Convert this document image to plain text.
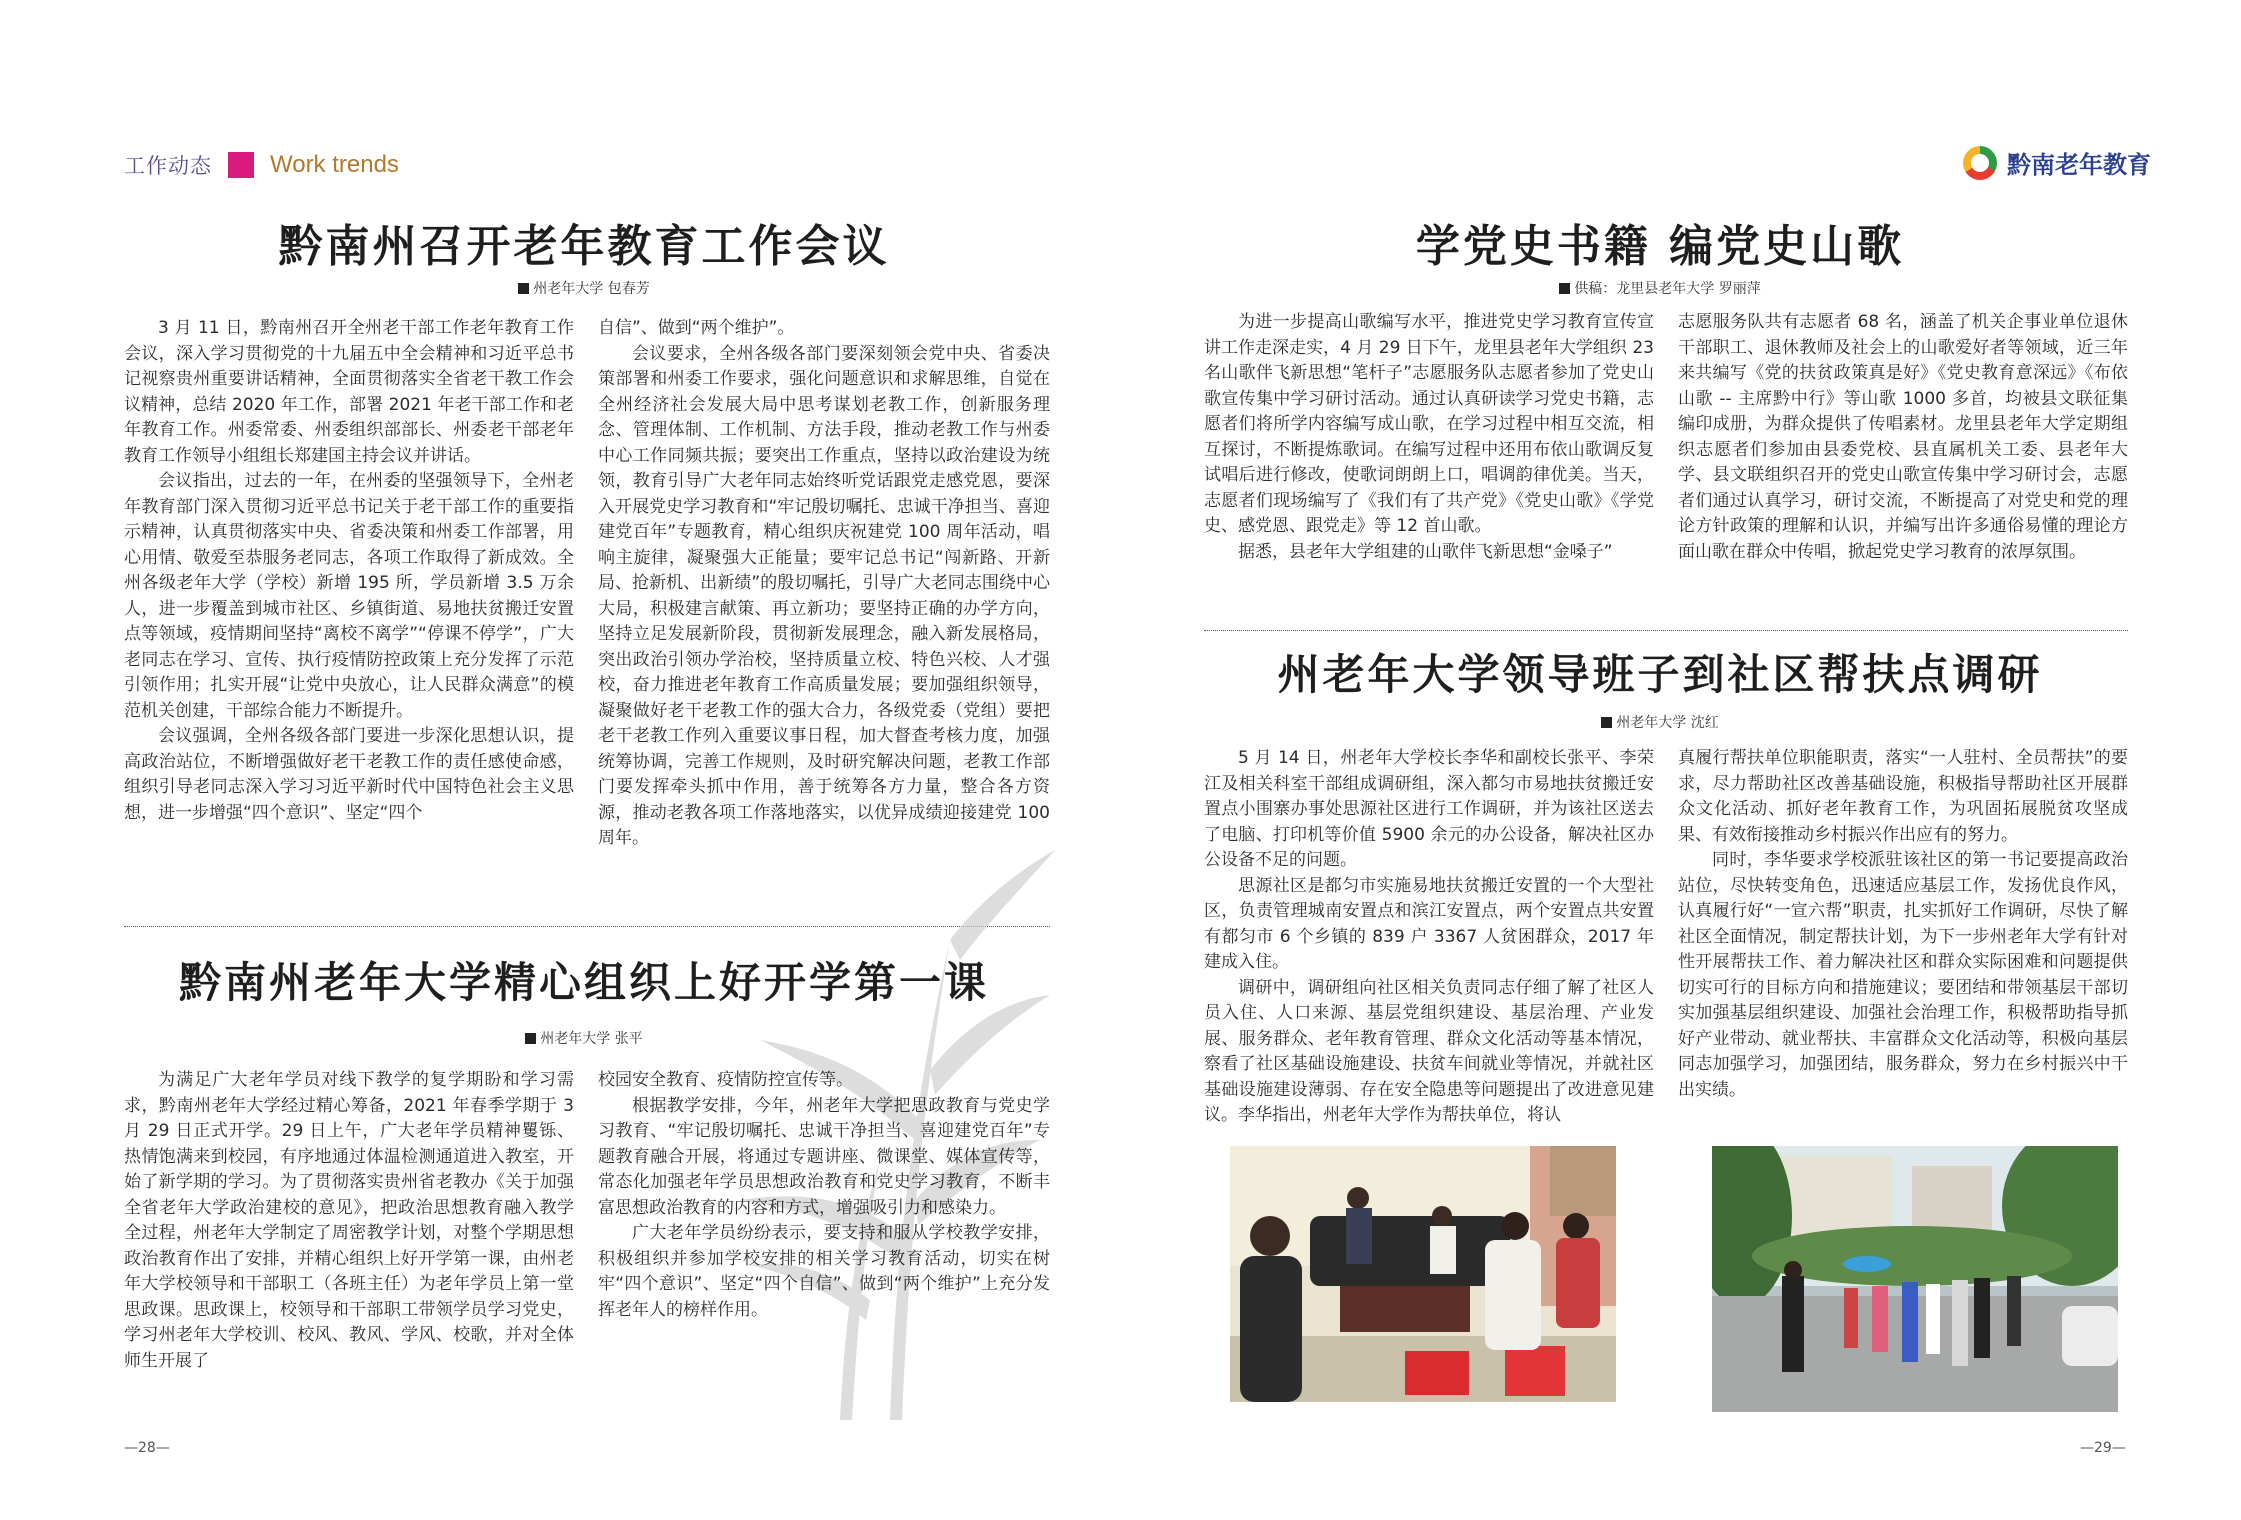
工作动态 Work trends
黔南州召开老年教育工作会议
州老年大学 包春芳

3 月 11 日，黔南州召开全州老干部工作老年教育工作会议，深入学习贯彻党的十九届五中全会精神和习近平总书记视察贵州重要讲话精神，全面贯彻落实全省老干教工作会议精神，总结 2020 年工作，部署 2021 年老干部工作和老年教育工作。州委常委、州委组织部部长、州委老干部老年教育工作领导小组组长郑建国主持会议并讲话。

会议指出，过去的一年，在州委的坚强领导下，全州老年教育部门深入贯彻习近平总书记关于老干部工作的重要指示精神，认真贯彻落实中央、省委决策和州委工作部署，用心用情、敬爱至恭服务老同志，各项工作取得了新成效。全州各级老年大学（学校）新增 195 所，学员新增 3.5 万余人，进一步覆盖到城市社区、乡镇街道、易地扶贫搬迁安置点等领域，疫情期间坚持“离校不离学”“停课不停学”，广大老同志在学习、宣传、执行疫情防控政策上充分发挥了示范引领作用；扎实开展“让党中央放心，让人民群众满意”的模范机关创建，干部综合能力不断提升。

会议强调，全州各级各部门要进一步深化思想认识，提高政治站位，不断增强做好老干老教工作的责任感使命感，组织引导老同志深入学习习近平新时代中国特色社会主义思想，进一步增强“四个意识”、坚定“四个

自信”、做到“两个维护”。

会议要求，全州各级各部门要深刻领会党中央、省委决策部署和州委工作要求，强化问题意识和求解思维，自觉在全州经济社会发展大局中思考谋划老教工作，创新服务理念、管理体制、工作机制、方法手段，推动老教工作与州委中心工作同频共振；要突出工作重点，坚持以政治建设为统领，教育引导广大老年同志始终听党话跟党走感党恩，要深入开展党史学习教育和“牢记殷切嘱托、忠诚干净担当、喜迎建党百年”专题教育，精心组织庆祝建党 100 周年活动，唱响主旋律，凝聚强大正能量；要牢记总书记“闯新路、开新局、抢新机、出新绩”的殷切嘱托，引导广大老同志围绕中心大局，积极建言献策、再立新功；要坚持正确的办学方向，坚持立足发展新阶段，贯彻新发展理念，融入新发展格局，突出政治引领办学治校，坚持质量立校、特色兴校、人才强校，奋力推进老年教育工作高质量发展；要加强组织领导，凝聚做好老干老教工作的强大合力，各级党委（党组）要把老干老教工作列入重要议事日程，加大督查考核力度，加强统筹协调，完善工作规则，及时研究解决问题，老教工作部门要发挥牵头抓中作用，善于统筹各方力量，整合各方资源，推动老教各项工作落地落实，以优异成绩迎接建党 100 周年。

黔南州老年大学精心组织上好开学第一课
州老年大学 张平

为满足广大老年学员对线下教学的复学期盼和学习需求，黔南州老年大学经过精心筹备，2021 年春季学期于 3 月 29 日正式开学。29 日上午，广大老年学员精神矍铄、热情饱满来到校园，有序地通过体温检测通道进入教室，开始了新学期的学习。为了贯彻落实贵州省老教办《关于加强全省老年大学政治建校的意见》，把政治思想教育融入教学全过程，州老年大学制定了周密教学计划，对整个学期思想政治教育作出了安排，并精心组织上好开学第一课，由州老年大学校领导和干部职工（各班主任）为老年学员上第一堂思政课。思政课上，校领导和干部职工带领学员学习党史，学习州老年大学校训、校风、教风、学风、校歌，并对全体师生开展了

校园安全教育、疫情防控宣传等。

根据教学安排，今年，州老年大学把思政教育与党史学习教育、“牢记殷切嘱托、忠诚干净担当、喜迎建党百年”专题教育融合开展，将通过专题讲座、微课堂、媒体宣传等，常态化加强老年学员思想政治教育和党史学习教育，不断丰富思想政治教育的内容和方式，增强吸引力和感染力。

广大老年学员纷纷表示，要支持和服从学校教学安排，积极组织并参加学校安排的相关学习教育活动，切实在树牢“四个意识”、坚定“四个自信”、做到“两个维护”上充分发挥老年人的榜样作用。

—28—
黔南老年教育
学党史书籍 编党史山歌
供稿：龙里县老年大学 罗丽萍

为进一步提高山歌编写水平，推进党史学习教育宣传宣讲工作走深走实，4 月 29 日下午，龙里县老年大学组织 23 名山歌伴飞新思想“笔杆子”志愿服务队志愿者参加了党史山歌宣传集中学习研讨活动。通过认真研读学习党史书籍，志愿者们将所学内容编写成山歌，在学习过程中相互交流，相互探讨，不断提炼歌词。在编写过程中还用布依山歌调反复试唱后进行修改，使歌词朗朗上口，唱调韵律优美。当天，志愿者们现场编写了《我们有了共产党》《党史山歌》《学党史、感党恩、跟党走》等 12 首山歌。

据悉，县老年大学组建的山歌伴飞新思想“金嗓子”

志愿服务队共有志愿者 68 名，涵盖了机关企事业单位退休干部职工、退休教师及社会上的山歌爱好者等领域，近三年来共编写《党的扶贫政策真是好》《党史教育意深远》《布依山歌 -- 主席黔中行》等山歌 1000 多首，均被县文联征集编印成册，为群众提供了传唱素材。龙里县老年大学定期组织志愿者们参加由县委党校、县直属机关工委、县老年大学、县文联组织召开的党史山歌宣传集中学习研讨会，志愿者们通过认真学习，研讨交流，不断提高了对党史和党的理论方针政策的理解和认识，并编写出许多通俗易懂的理论方面山歌在群众中传唱，掀起党史学习教育的浓厚氛围。

州老年大学领导班子到社区帮扶点调研
州老年大学 沈红

5 月 14 日，州老年大学校长李华和副校长张平、李荣江及相关科室干部组成调研组，深入都匀市易地扶贫搬迁安置点小围寨办事处思源社区进行工作调研，并为该社区送去了电脑、打印机等价值 5900 余元的办公设备，解决社区办公设备不足的问题。

思源社区是都匀市实施易地扶贫搬迁安置的一个大型社区，负责管理城南安置点和滨江安置点，两个安置点共安置有都匀市 6 个乡镇的 839 户 3367 人贫困群众，2017 年建成入住。

调研中，调研组向社区相关负责同志仔细了解了社区人员入住、人口来源、基层党组织建设、基层治理、产业发展、服务群众、老年教育管理、群众文化活动等基本情况，察看了社区基础设施建设、扶贫车间就业等情况，并就社区基础设施建设薄弱、存在安全隐患等问题提出了改进意见建议。李华指出，州老年大学作为帮扶单位，将认

真履行帮扶单位职能职责，落实“一人驻村、全员帮扶”的要求，尽力帮助社区改善基础设施，积极指导帮助社区开展群众文化活动、抓好老年教育工作，为巩固拓展脱贫攻坚成果、有效衔接推动乡村振兴作出应有的努力。

同时，李华要求学校派驻该社区的第一书记要提高政治站位，尽快转变角色，迅速适应基层工作，发扬优良作风，认真履行好“一宣六帮”职责，扎实抓好工作调研，尽快了解社区全面情况，制定帮扶计划，为下一步州老年大学有针对性开展帮扶工作、着力解决社区和群众实际困难和问题提供切实可行的目标方向和措施建议；要团结和带领基层干部切实加强基层组织建设、加强社会治理工作，积极帮助指导抓好产业带动、就业帮扶、丰富群众文化活动等，积极向基层同志加强学习，加强团结，服务群众，努力在乡村振兴中干出实绩。

—29—
